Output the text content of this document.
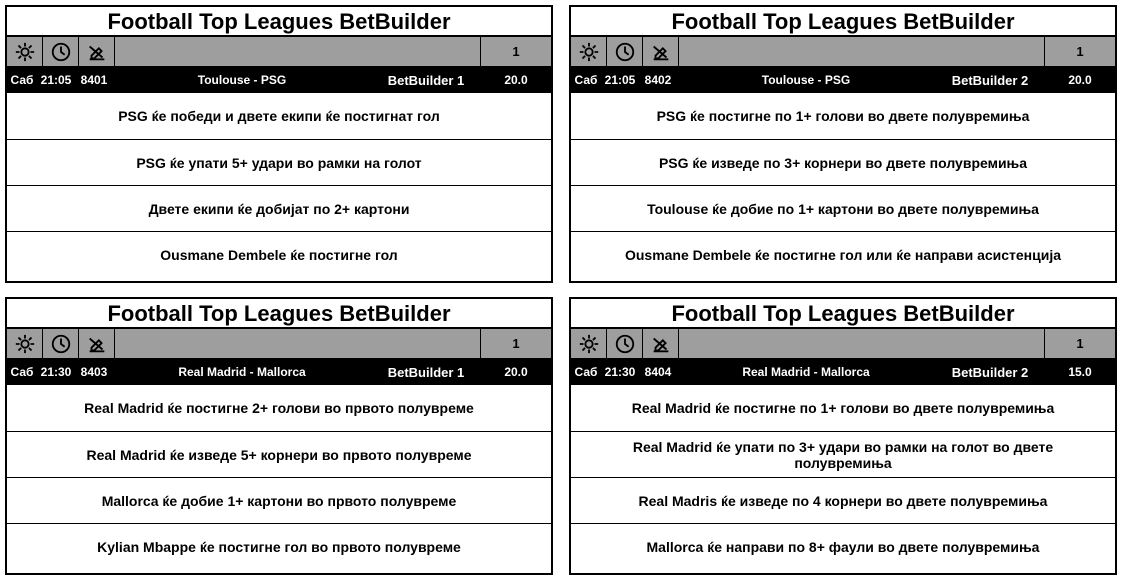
Football Top Leagues BetBuilder
1
Саб 21:05 8401	Toulouse - PSG	BetBuilder 1	20.0
PSG ќе победи и двете екипи ќе постигнат гол
PSG ќе упати 5+ удари во рамки на голот
Двете екипи ќе добијат по 2+ картони
Ousmane Dembele ќе постигне гол
Football Top Leagues BetBuilder
1
Саб 21:05 8402	Toulouse - PSG	BetBuilder 2	20.0
PSG ќе постигне по 1+ голови во двете полувремиња
PSG ќе изведе по 3+ корнери во двете полувремиња
Toulouse ќе добие по 1+ картони во двете полувремиња
Ousmane Dembele ќе постигне гол или ќе направи асистенција
Football Top Leagues BetBuilder
1
Саб 21:30 8403	Real Madrid - Mallorca	BetBuilder 1	20.0
Real Madrid ќе постигне 2+ голови во првото полувреме
Real Madrid ќе изведе 5+ корнери во првото полувреме
Mallorca ќе добие 1+ картони во првото полувреме
Kylian Mbappe ќе постигне гол во првото полувреме
Football Top Leagues BetBuilder
1
Саб 21:30 8404	Real Madrid - Mallorca	BetBuilder 2	15.0
Real Madrid ќе постигне по 1+ голови во двете полувремиња
Real Madrid ќе упати по 3+ удари во рамки на голот во двете полувремиња
Real Madris ќе изведе по 4 корнери во двете полувремиња
Mallorca ќе направи по 8+ фаули во двете полувремиња
